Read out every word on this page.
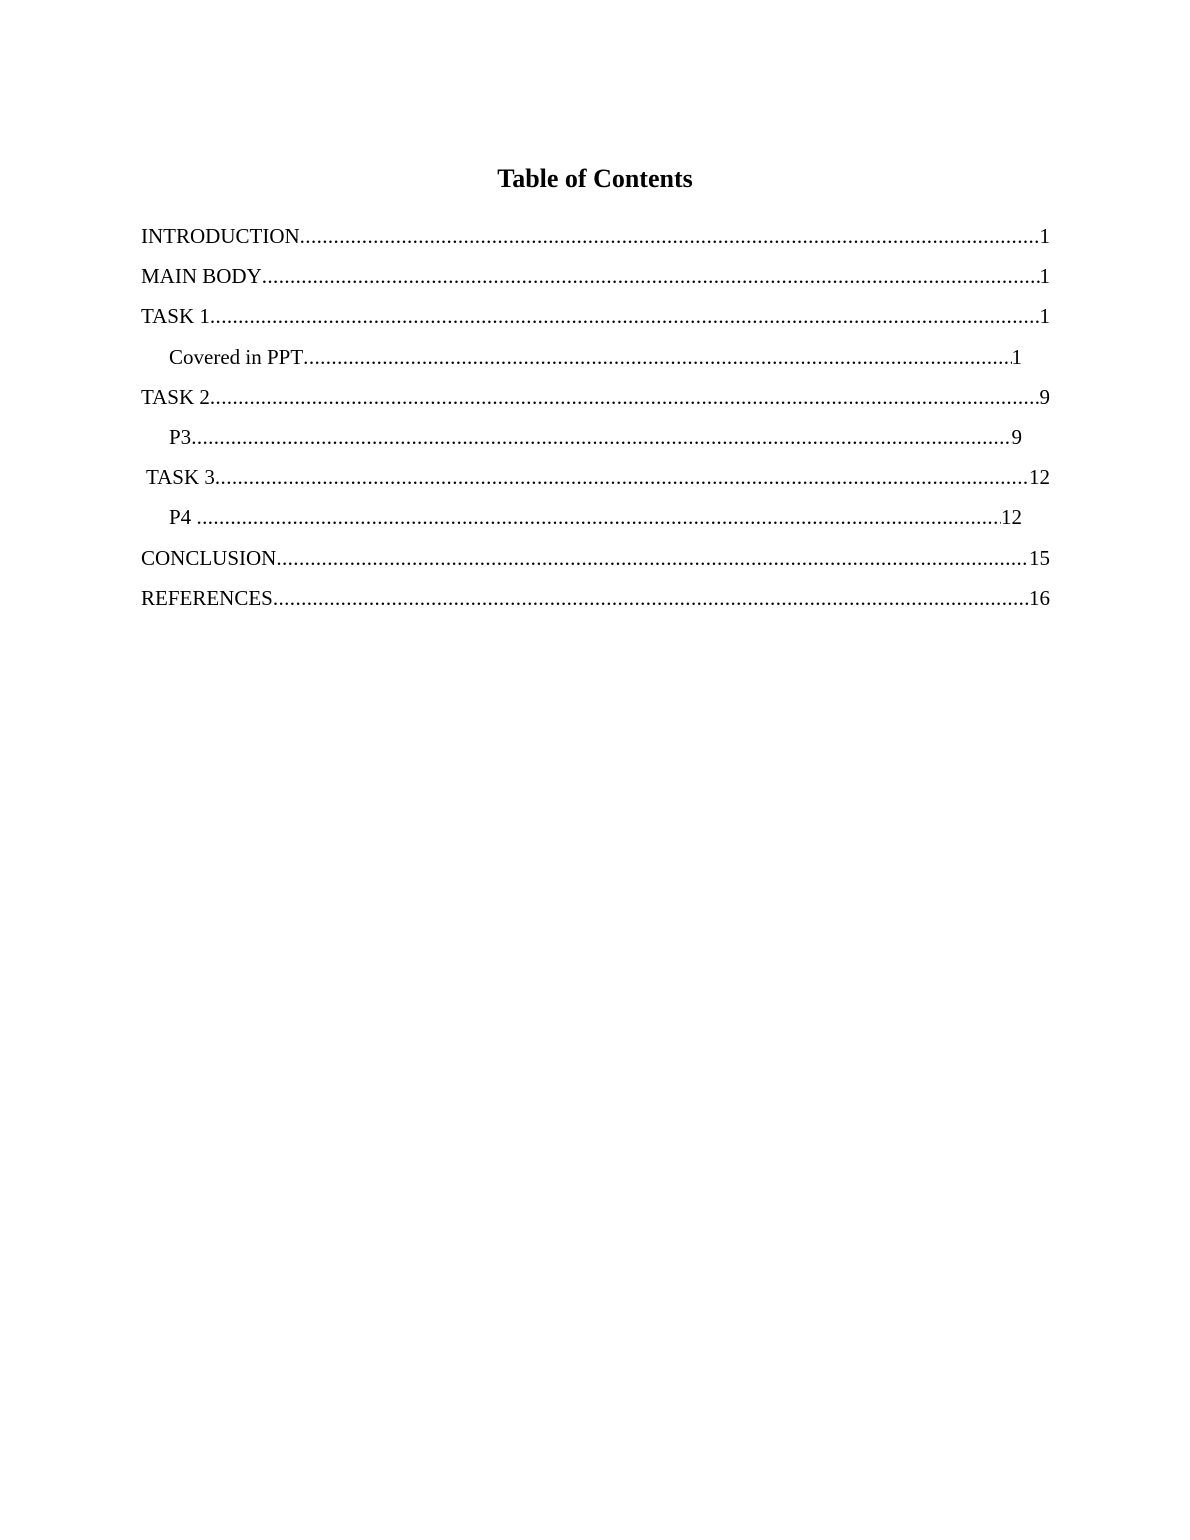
Table of Contents
INTRODUCTION .....	1
MAIN BODY .....	1
TASK 1 .....	1
Covered in PPT .....	1
TASK 2 .....	9
P3 .....	9
TASK 3 .....	12
P4 .....	12
CONCLUSION .....	15
REFERENCES .....	16
